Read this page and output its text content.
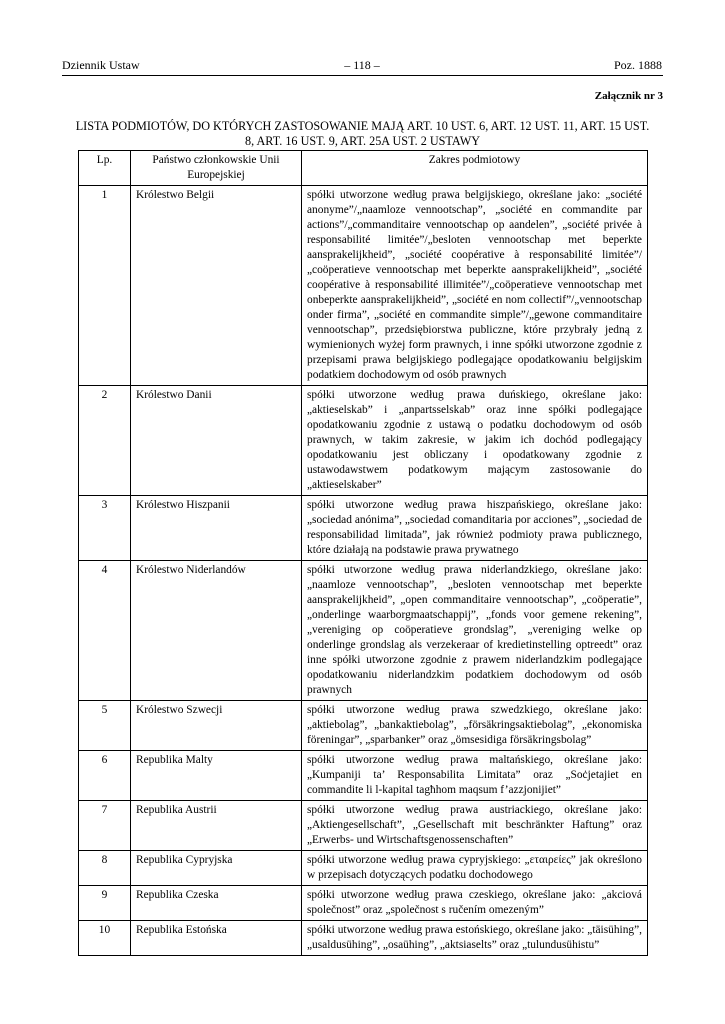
Dziennik Ustaw	– 118 –	Poz. 1888
Załącznik nr 3
LISTA PODMIOTÓW, DO KTÓRYCH ZASTOSOWANIE MAJĄ ART. 10 UST. 6, ART. 12 UST. 11, ART. 15 UST. 8, ART. 16 UST. 9, ART. 25A UST. 2 USTAWY
Lp.	Państwo członkowskie Unii Europejskiej	Zakres podmiotowy
1	Królestwo Belgii	spółki utworzone według prawa belgijskiego, określane jako: „société anonyme”/„naamloze vennootschap”, „société en commandite par actions”/„commanditaire vennootschap op aandelen”, „société privée à responsabilité limitée”/„besloten vennootschap met beperkte aansprakelijkheid”, „société coopérative à responsabilité limitée”/„coöperatieve vennootschap met beperkte aansprakelijkheid”, „société coopérative à responsabilité illimitée”/„coöperatieve vennootschap met onbeperkte aansprakelijkheid”, „société en nom collectif”/„vennootschap onder firma”, „société en commandite simple”/„gewone commanditaire vennootschap”, przedsiębiorstwa publiczne, które przybrały jedną z wymienionych wyżej form prawnych, i inne spółki utworzone zgodnie z przepisami prawa belgijskiego podlegające opodatkowaniu belgijskim podatkiem dochodowym od osób prawnych
2	Królestwo Danii	spółki utworzone według prawa duńskiego, określane jako: „aktieselskab” i „anpartsselskab” oraz inne spółki podlegające opodatkowaniu zgodnie z ustawą o podatku dochodowym od osób prawnych, w takim zakresie, w jakim ich dochód podlegający opodatkowaniu jest obliczany i opodatkowany zgodnie z ustawodawstwem podatkowym mającym zastosowanie do „aktieselskaber”
3	Królestwo Hiszpanii	spółki utworzone według prawa hiszpańskiego, określane jako: „sociedad anónima”, „sociedad comanditaria por acciones”, „sociedad de responsabilidad limitada”, jak również podmioty prawa publicznego, które działają na podstawie prawa prywatnego
4	Królestwo Niderlandów	spółki utworzone według prawa niderlandzkiego, określane jako: „naamloze vennootschap”, „besloten vennootschap met beperkte aansprakelijkheid”, „open commanditaire vennootschap”, „coöperatie”, „onderlinge waarborgmaatschappij”, „fonds voor gemene rekening”, „vereniging op coöperatieve grondslag”, „vereniging welke op onderlinge grondslag als verzekeraar of kredietinstelling optreedt” oraz inne spółki utworzone zgodnie z prawem niderlandzkim podlegające opodatkowaniu niderlandzkim podatkiem dochodowym od osób prawnych
5	Królestwo Szwecji	spółki utworzone według prawa szwedzkiego, określane jako: „aktiebolag”, „bankaktiebolag”, „försäkringsaktiebolag”, „ekonomiska föreningar”, „sparbanker” oraz „ömsesidiga försäkringsbolag”
6	Republika Malty	spółki utworzone według prawa maltańskiego, określane jako: „Kumpaniji ta’ Responsabilita Limitata” oraz „Soċjetajiet en commandite li l-kapital tagħhom maqsum f’azzjonijiet”
7	Republika Austrii	spółki utworzone według prawa austriackiego, określane jako: „Aktiengesellschaft”, „Gesellschaft mit beschränkter Haftung” oraz „Erwerbs- und Wirtschaftsgenossenschaften”
8	Republika Cypryjska	spółki utworzone według prawa cypryjskiego: „εταιρείες” jak określono w przepisach dotyczących podatku dochodowego
9	Republika Czeska	spółki utworzone według prawa czeskiego, określane jako: „akciová společnost” oraz „společnost s ručením omezeným”
10	Republika Estońska	spółki utworzone według prawa estońskiego, określane jako: „täisühing”, „usaldusühing”, „osaühing”, „aktsiaselts” oraz „tulundusühistu”
